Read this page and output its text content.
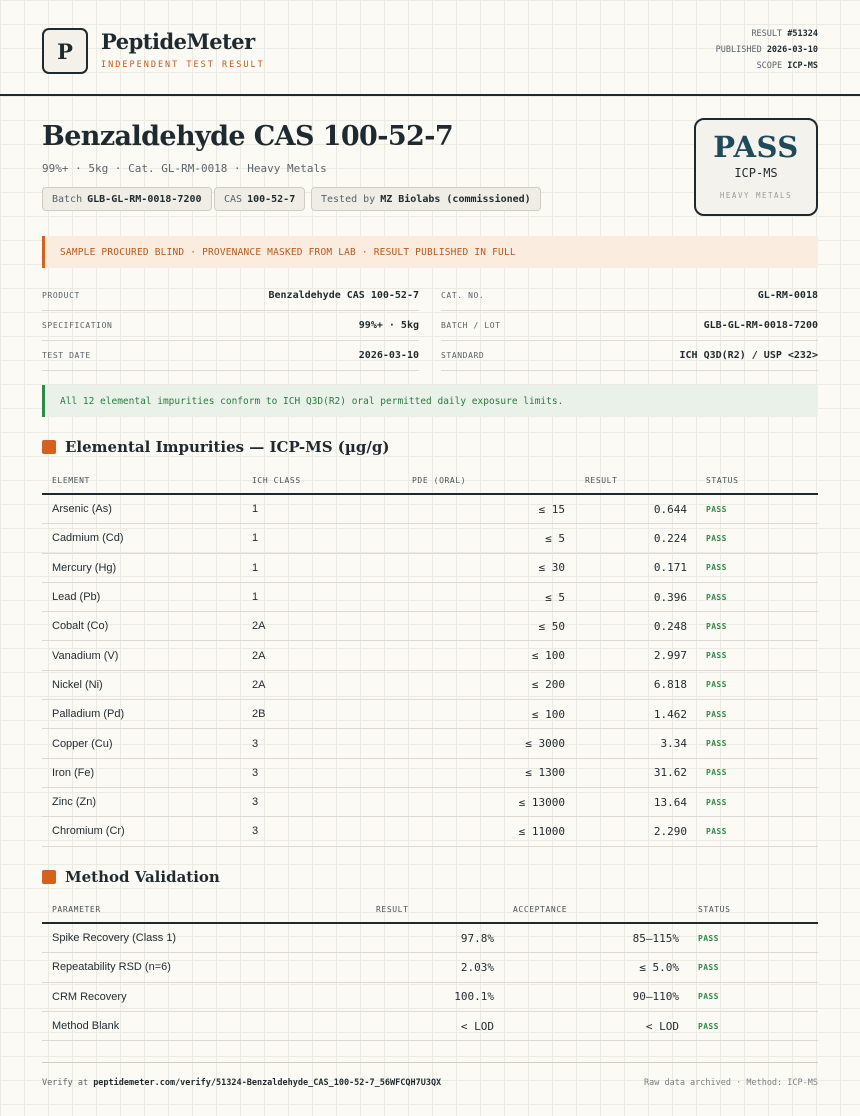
P	PeptideMeter
INDEPENDENT TEST RESULT
RESULT #51324
PUBLISHED 2026-03-10
SCOPE ICP-MS
Benzaldehyde CAS 100-52-7
99%+ · 5kg · Cat. GL-RM-0018 · Heavy Metals
Batch GLB-GL-RM-0018-7200 CAS 100-52-7	Tested by MZ Biolabs (commissioned)
PASS
ICP-MS
HEAVY METALS
SAMPLE PROCURED BLIND · PROVENANCE MASKED FROM LAB · RESULT PUBLISHED IN FULL
PRODUCT	Benzaldehyde CAS 100-52-7	CAT. NO.	GL-RM-0018
SPECIFICATION	99%+ · 5kg	BATCH / LOT	GLB-GL-RM-0018-7200
TEST DATE	2026-03-10	STANDARD	ICH Q3D(R2) / USP <232>
All 12 elemental impurities conform to ICH Q3D(R2) oral permitted daily exposure limits.
Elemental Impurities — ICP-MS (µg/g)
ELEMENT	ICH CLASS	PDE (ORAL)	RESULT	STATUS
Arsenic (As)	1	≤ 15	0.644 PASS
Cadmium (Cd)	1	≤ 5	0.224 PASS
Mercury (Hg)	1	≤ 30	0.171 PASS
Lead (Pb)	1	≤ 5	0.396 PASS
Cobalt (Co)	2A	≤ 50	0.248 PASS
Vanadium (V)	2A	≤ 100	2.997 PASS
Nickel (Ni)	2A	≤ 200	6.818 PASS
Palladium (Pd)	2B	≤ 100	1.462 PASS
Copper (Cu)	3	≤ 3000	3.34 PASS
Iron (Fe)	3	≤ 1300	31.62 PASS
Zinc (Zn)	3	≤ 13000	13.64 PASS
Chromium (Cr)	3	≤ 11000	2.290 PASS
Method Validation
PARAMETER	RESULT	ACCEPTANCE	STATUS
Spike Recovery (Class 1)	97.8%	85–115% PASS
Repeatability RSD (n=6)	2.03%	≤ 5.0% PASS
CRM Recovery	100.1%	90–110% PASS
Method Blank	< LOD	< LOD PASS
Verify at peptidemeter.com/verify/51324-Benzaldehyde_CAS_100-52-7_56WFCQH7U3QX	Raw data archived · Method: ICP-MS
